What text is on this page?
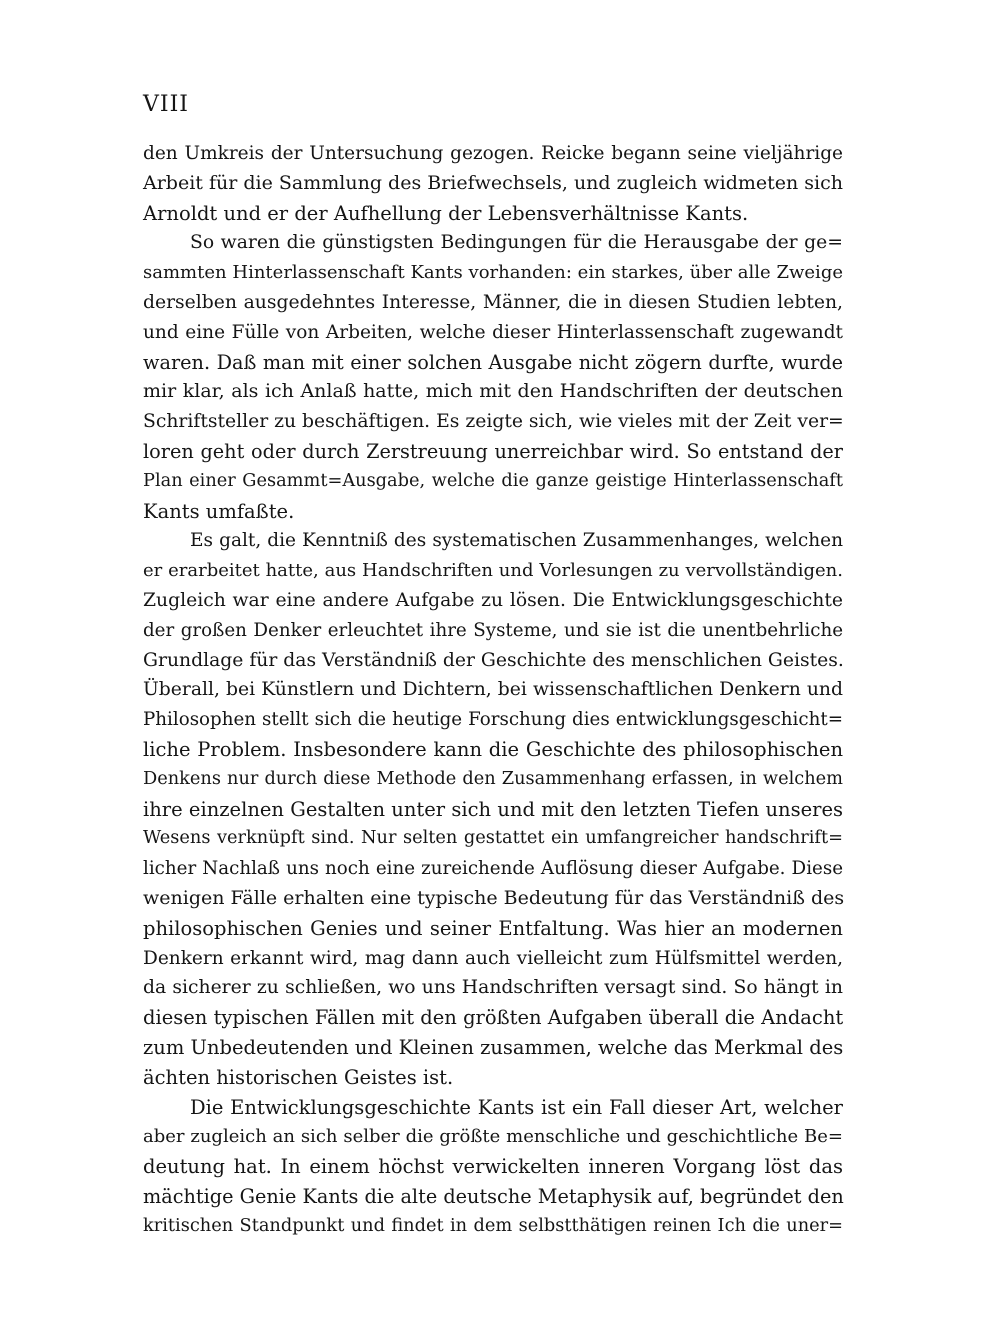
VIII
den Umkreis der Untersuchung gezogen. Reicke begann seine vieljährige
Arbeit für die Sammlung des Briefwechsels, und zugleich widmeten sich
Arnoldt und er der Aufhellung der Lebensverhältnisse Kants.
So waren die günstigsten Bedingungen für die Herausgabe der ge=
sammten Hinterlassenschaft Kants vorhanden: ein starkes, über alle Zweige
derselben ausgedehntes Interesse, Männer, die in diesen Studien lebten,
und eine Fülle von Arbeiten, welche dieser Hinterlassenschaft zugewandt
waren. Daß man mit einer solchen Ausgabe nicht zögern durfte, wurde
mir klar, als ich Anlaß hatte, mich mit den Handschriften der deutschen
Schriftsteller zu beschäftigen. Es zeigte sich, wie vieles mit der Zeit ver=
loren geht oder durch Zerstreuung unerreichbar wird. So entstand der
Plan einer Gesammt=Ausgabe, welche die ganze geistige Hinterlassenschaft
Kants umfaßte.
Es galt, die Kenntniß des systematischen Zusammenhanges, welchen
er erarbeitet hatte, aus Handschriften und Vorlesungen zu vervollständigen.
Zugleich war eine andere Aufgabe zu lösen. Die Entwicklungsgeschichte
der großen Denker erleuchtet ihre Systeme, und sie ist die unentbehrliche
Grundlage für das Verständniß der Geschichte des menschlichen Geistes.
Überall, bei Künstlern und Dichtern, bei wissenschaftlichen Denkern und
Philosophen stellt sich die heutige Forschung dies entwicklungsgeschicht=
liche Problem. Insbesondere kann die Geschichte des philosophischen
Denkens nur durch diese Methode den Zusammenhang erfassen, in welchem
ihre einzelnen Gestalten unter sich und mit den letzten Tiefen unseres
Wesens verknüpft sind. Nur selten gestattet ein umfangreicher handschrift=
licher Nachlaß uns noch eine zureichende Auflösung dieser Aufgabe. Diese
wenigen Fälle erhalten eine typische Bedeutung für das Verständniß des
philosophischen Genies und seiner Entfaltung. Was hier an modernen
Denkern erkannt wird, mag dann auch vielleicht zum Hülfsmittel werden,
da sicherer zu schließen, wo uns Handschriften versagt sind. So hängt in
diesen typischen Fällen mit den größten Aufgaben überall die Andacht
zum Unbedeutenden und Kleinen zusammen, welche das Merkmal des
ächten historischen Geistes ist.
Die Entwicklungsgeschichte Kants ist ein Fall dieser Art, welcher
aber zugleich an sich selber die größte menschliche und geschichtliche Be=
deutung hat. In einem höchst verwickelten inneren Vorgang löst das
mächtige Genie Kants die alte deutsche Metaphysik auf, begründet den
kritischen Standpunkt und findet in dem selbstthätigen reinen Ich die uner=
